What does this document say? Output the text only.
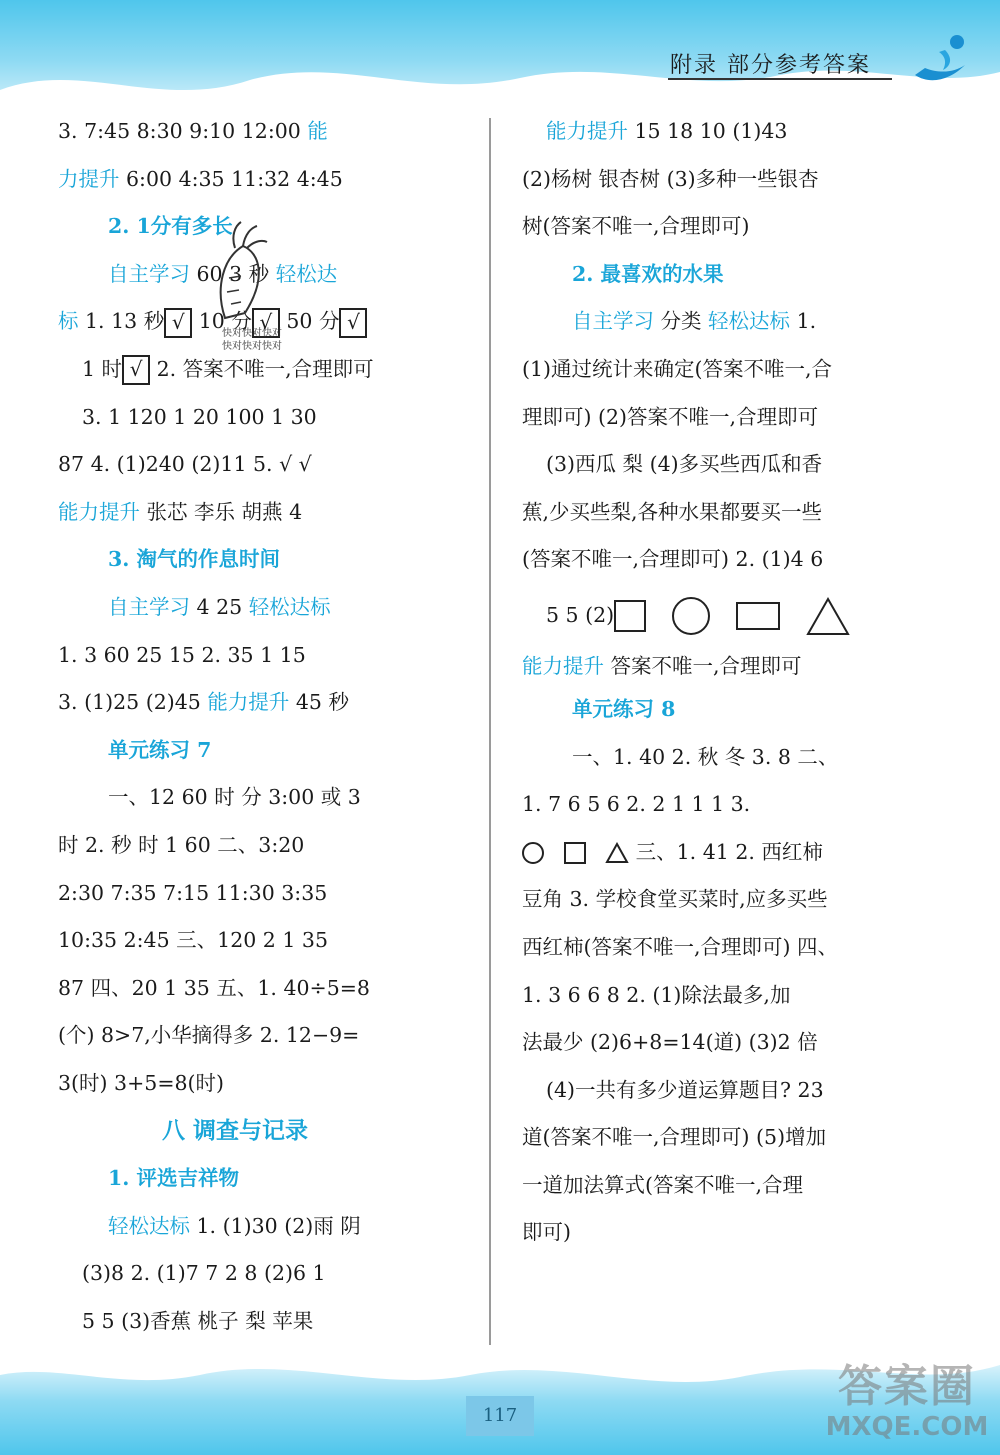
附录 部分参考答案
3. 7:45 8:30 9:10 12:00 能
力提升 6:00 4:35 11:32 4:45
2. 1分有多长
自主学习 60 3 秒 轻松达
标 1. 13 秒 √ 10 分 √ 50 分 √
1 时 √ 2. 答案不唯一,合理即可
3. 1 120 1 20 100 1 30
87 4. (1)240 (2)11 5. √ √
能力提升 张芯 李乐 胡燕 4
3. 淘气的作息时间
自主学习 4 25 轻松达标
1. 3 60 25 15 2. 35 1 15
3. (1)25 (2)45 能力提升 45 秒
单元练习 7
一、12 60 时 分 3:00 或 3
时 2. 秒 时 1 60 二、3:20
2:30 7:35 7:15 11:30 3:35
10:35 2:45 三、120 2 1 35
87 四、20 1 35 五、1. 40÷5=8
(个) 8>7,小华摘得多 2. 12−9=
3(时) 3+5=8(时)
八 调查与记录
1. 评选吉祥物
轻松达标 1. (1)30 (2)雨 阴
(3)8 2. (1)7 7 2 8 (2)6 1
5 5 (3)香蕉 桃子 梨 苹果
快对快对快对
快对快对快对
能力提升 15 18 10 (1)43
(2)杨树 银杏树 (3)多种一些银杏
树(答案不唯一,合理即可)
2. 最喜欢的水果
自主学习 分类 轻松达标 1.
(1)通过统计来确定(答案不唯一,合
理即可) (2)答案不唯一,合理即可
(3)西瓜 梨 (4)多买些西瓜和香
蕉,少买些梨,各种水果都要买一些
(答案不唯一,合理即可) 2. (1)4 6
5 5 (2)
能力提升 答案不唯一,合理即可
单元练习 8
一、1. 40 2. 秋 冬 3. 8 二、
1. 7 6 5 6 2. 2 1 1 1 3.
三、1. 41 2. 西红柿
豆角 3. 学校食堂买菜时,应多买些
西红柿(答案不唯一,合理即可) 四、
1. 3 6 6 8 2. (1)除法最多,加
法最少 (2)6+8=14(道) (3)2 倍
(4)一共有多少道运算题目? 23
道(答案不唯一,合理即可) (5)增加
一道加法算式(答案不唯一,合理
即可)
117
答案圈
MXQE.COM
